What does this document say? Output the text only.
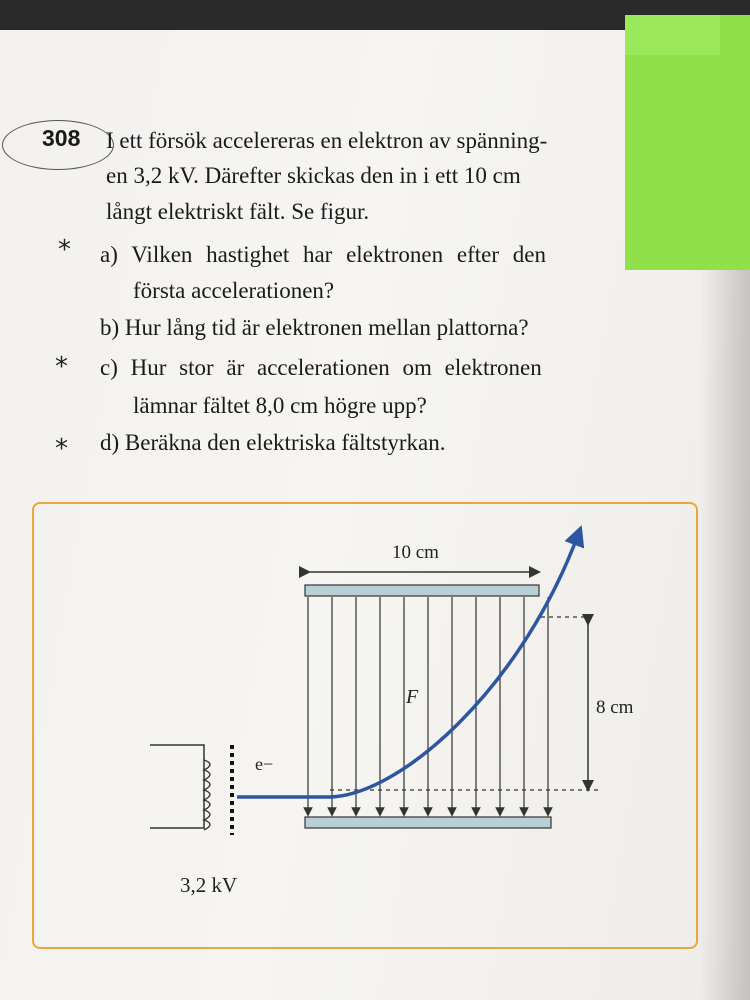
308 I ett försök accelereras en elektron av spänning-
en 3,2 kV. Därefter skickas den in i ett 10 cm
långt elektriskt fält. Se figur.
* a) Vilken hastighet har elektronen efter den
första accelerationen?
b) Hur lång tid är elektronen mellan plattorna?
* c) Hur stor är accelerationen om elektronen
lämnar fältet 8,0 cm högre upp?
* d) Beräkna den elektriska fältstyrkan.
10 cm
8 cm
F
e−
3,2 kV
